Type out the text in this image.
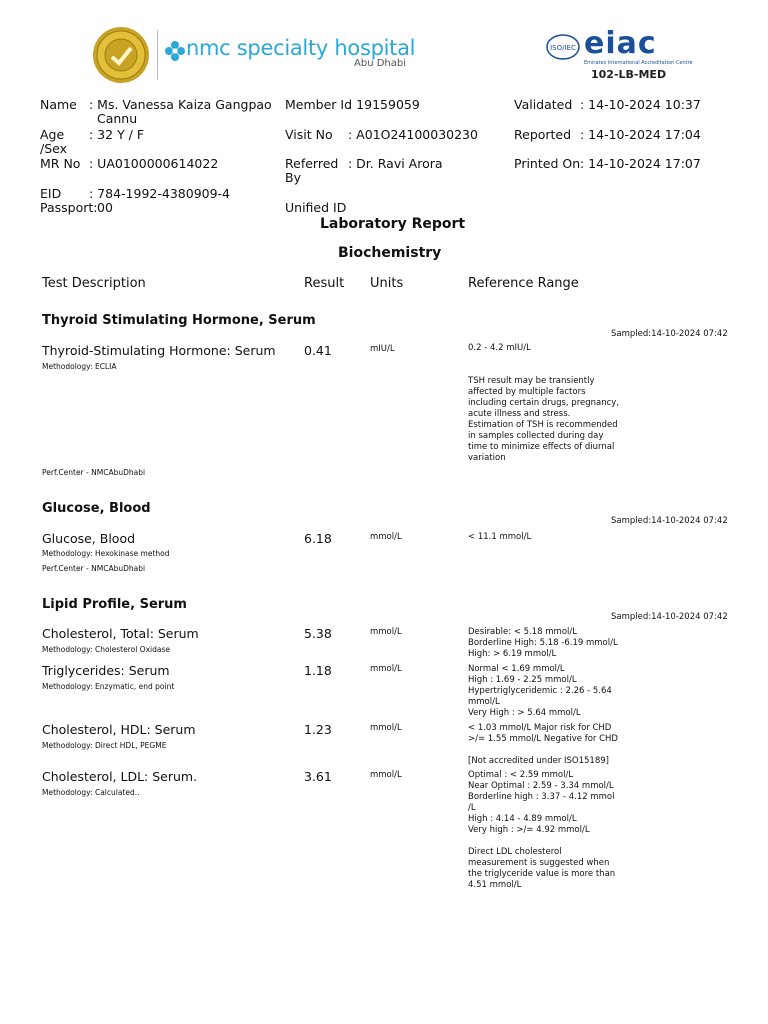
nmc specialty hospital
Abu Dhabi
ISO/IEC eiac
Emirates International Accreditation Centre
102-LB-MED
Name : Ms. Vanessa Kaiza Gangpao
Cannu
Age
/Sex
: 32 Y / F
MR No : UA0100000614022
EID : 784-1992-4380909-4
Passport: 00
Member Id
: 19159059
Visit No : A01O24100030230
Referred
By
: Dr. Ravi Arora
Unified ID
Validated : 14-10-2024 10:37
Reported : 14-10-2024 17:04
Printed On : 14-10-2024 17:07
Laboratory Report
Biochemistry
Test Description	Result Units	Reference Range
Thyroid Stimulating Hormone, Serum
Sampled:14-10-2024 07:42
Thyroid-Stimulating Hormone: Serum
Methodology: ECLIA
0.41	mIU/L	0.2 - 4.2 mIU/L
TSH result may be transiently
affected by multiple factors
including certain drugs, pregnancy,
acute illness and stress.
Estimation of TSH is recommended
in samples collected during day
time to minimize effects of diurnal
variation
Perf.Center - NMCAbuDhabi
Glucose, Blood
Sampled:14-10-2024 07:42
Glucose, Blood
Methodology: Hexokinase method
Perf.Center - NMCAbuDhabi
6.18	mmol/L	< 11.1 mmol/L
Lipid Profile, Serum
Sampled:14-10-2024 07:42
Cholesterol, Total: Serum
Methodology: Cholesterol Oxidase
5.38	mmol/L	Desirable: < 5.18 mmol/L
Borderline High: 5.18 -6.19 mmol/L
High: > 6.19 mmol/L
Triglycerides: Serum
Methodology: Enzymatic, end point
1.18	mmol/L	Normal < 1.69 mmol/L
High : 1.69 - 2.25 mmol/L
Hypertriglyceridemic : 2.26 - 5.64
mmol/L
Very High : > 5.64 mmol/L
Cholesterol, HDL: Serum
Methodology: Direct HDL, PEGME
1.23	mmol/L	< 1.03 mmol/L Major risk for CHD
>/= 1.55 mmol/L Negative for CHD
[Not accredited under ISO15189]
Cholesterol, LDL: Serum.
Methodology: Calculated..
3.61	mmol/L	Optimal : < 2.59 mmol/L
Near Optimal : 2.59 - 3.34 mmol/L
Borderline high : 3.37 - 4.12 mmol
/L
High : 4.14 - 4.89 mmol/L
Very high : >/= 4.92 mmol/L
Direct LDL cholesterol
measurement is suggested when
the triglyceride value is more than
4.51 mmol/L
